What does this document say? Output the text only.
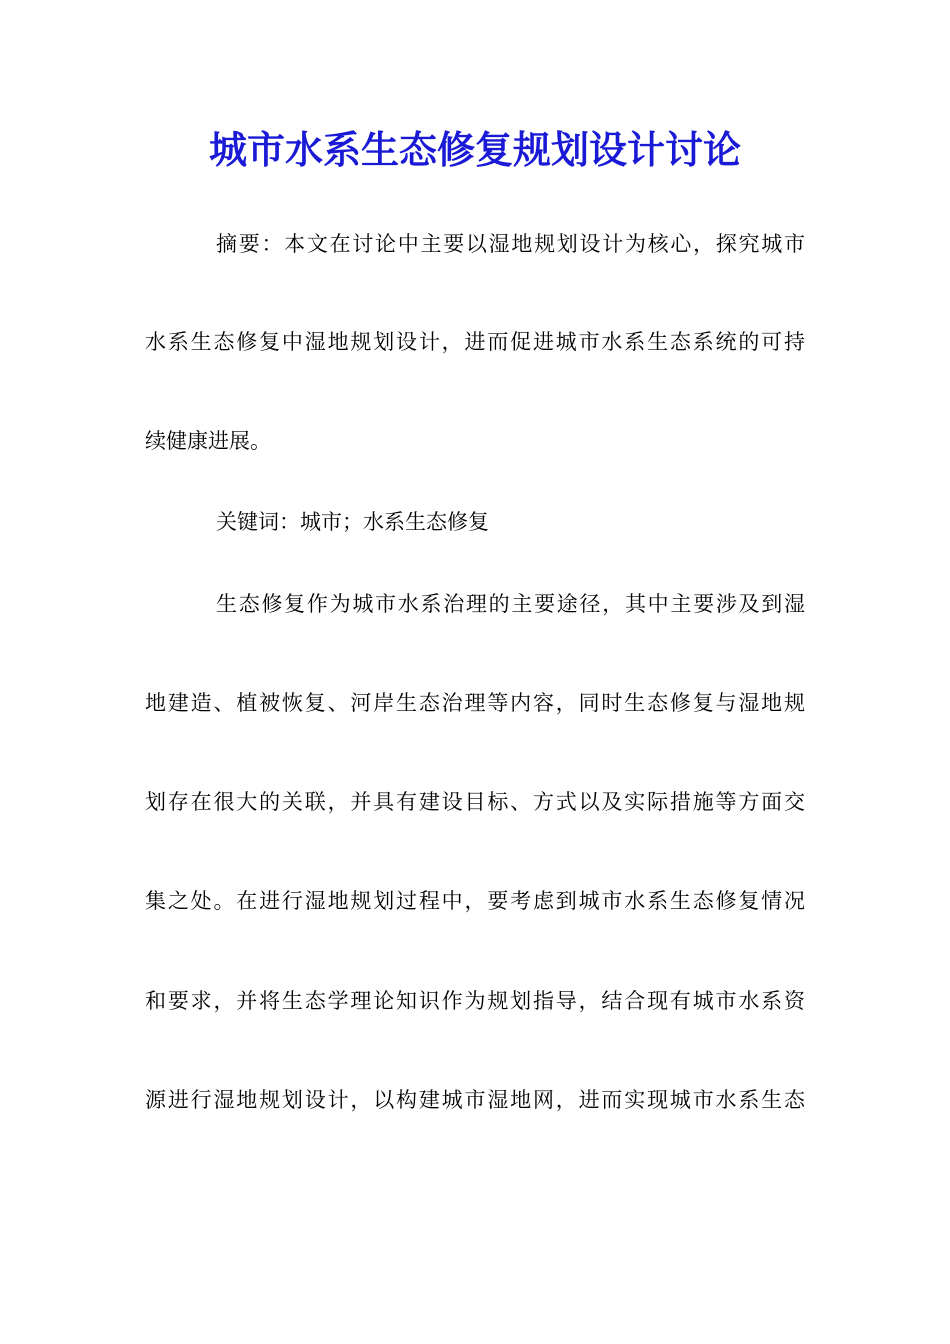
城市水系生态修复规划设计讨论

摘要：本文在讨论中主要以湿地规划设计为核心，探究城市

水系生态修复中湿地规划设计，进而促进城市水系生态系统的可持

续健康进展。

关键词：城市；水系生态修复

生态修复作为城市水系治理的主要途径，其中主要涉及到湿

地建造、植被恢复、河岸生态治理等内容，同时生态修复与湿地规

划存在很大的关联，并具有建设目标、方式以及实际措施等方面交

集之处。在进行湿地规划过程中，要考虑到城市水系生态修复情况

和要求，并将生态学理论知识作为规划指导，结合现有城市水系资

源进行湿地规划设计，以构建城市湿地网，进而实现城市水系生态
